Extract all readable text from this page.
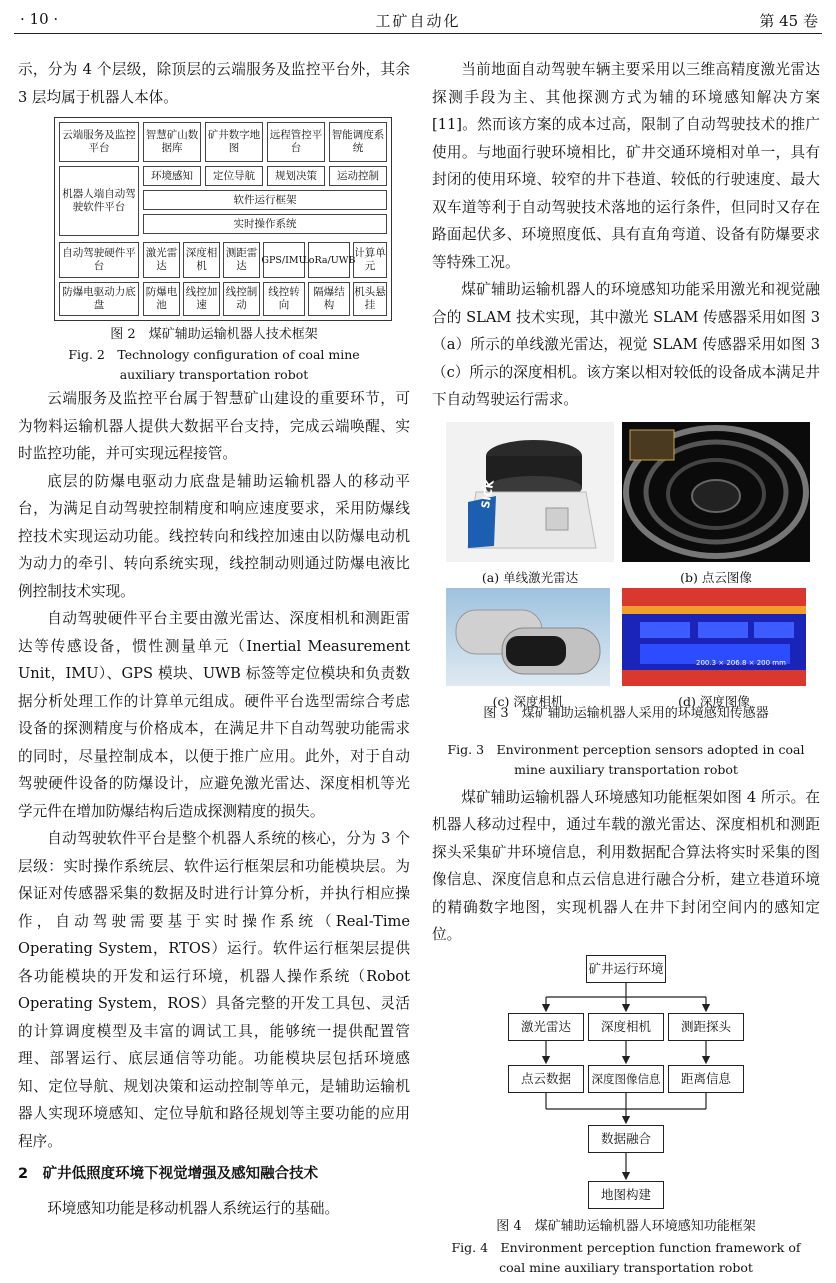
· 10 ·	工矿自动化	第 45 卷

示，分为 4 个层级，除顶层的云端服务及监控平台外，其余 3 层均属于机器人本体。

云端服务及监控平台
智慧矿山数据库
矿井数字地图
远程管控平台
智能调度系统
机器人端自动驾驶软件平台
环境感知	定位导航	规划决策	运动控制
软件运行框架
实时操作系统
自动驾驶硬件平台
激光雷达
深度相机
测距雷达	GPS/IMU
LoRa/UWB
计算单元
防爆电驱动力底盘
防爆电池
线控加速
线控制动
线控转向
隔爆结构
机头悬挂

图 2　煤矿辅助运输机器人技术框架

Fig. 2　Technology configuration of coal mine

auxiliary transportation robot

云端服务及监控平台属于智慧矿山建设的重要环节，可为物料运输机器人提供大数据平台支持，完成云端唤醒、实时监控功能，并可实现远程接管。

底层的防爆电驱动力底盘是辅助运输机器人的移动平台，为满足自动驾驶控制精度和响应速度要求，采用防爆线控技术实现运动功能。线控转向和线控加速由以防爆电动机为动力的牵引、转向系统实现，线控制动则通过防爆电液比例控制技术实现。

自动驾驶硬件平台主要由激光雷达、深度相机和测距雷达等传感设备，惯性测量单元（Inertial Measurement Unit，IMU）、GPS 模块、UWB 标签等定位模块和负责数据分析处理工作的计算单元组成。硬件平台选型需综合考虑设备的探测精度与价格成本，在满足井下自动驾驶功能需求的同时，尽量控制成本，以便于推广应用。此外，对于自动驾驶硬件设备的防爆设计，应避免激光雷达、深度相机等光学元件在增加防爆结构后造成探测精度的损失。

自动驾驶软件平台是整个机器人系统的核心，分为 3 个层级：实时操作系统层、软件运行框架层和功能模块层。为保证对传感器采集的数据及时进行计算分析，并执行相应操作，自动驾驶需要基于实时操作系统（Real-Time Operating System，RTOS）运行。软件运行框架层提供各功能模块的开发和运行环境，机器人操作系统（Robot Operating System，ROS）具备完整的开发工具包、灵活的计算调度模型及丰富的调试工具，能够统一提供配置管理、部署运行、底层通信等功能。功能模块层包括环境感知、定位导航、规划决策和运动控制等单元，是辅助运输机器人实现环境感知、定位导航和路径规划等主要功能的应用程序。

2　矿井低照度环境下视觉增强及感知融合技术

环境感知功能是移动机器人系统运行的基础。

当前地面自动驾驶车辆主要采用以三维高精度激光雷达探测手段为主、其他探测方式为辅的环境感知解决方案[11]。然而该方案的成本过高，限制了自动驾驶技术的推广使用。与地面行驶环境相比，矿井交通环境相对单一，具有封闭的使用环境、较窄的井下巷道、较低的行驶速度、最大双车道等利于自动驾驶技术落地的运行条件，但同时又存在路面起伏多、环境照度低、具有直角弯道、设备有防爆要求等特殊工况。

煤矿辅助运输机器人的环境感知功能采用激光和视觉融合的 SLAM 技术实现，其中激光 SLAM 传感器采用如图 3（a）所示的单线激光雷达，视觉 SLAM 传感器采用如图 3（c）所示的深度相机。该方案以相对较低的设备成本满足井下自动驾驶运行需求。

SICK
(a) 单线激光雷达	(b) 点云图像
200.3 × 206.8 × 200 mm
(c) 深度相机	(d) 深度图像
图 3　煤矿辅助运输机器人采用的环境感知传感器

Fig. 3　Environment perception sensors adopted in coal

mine auxiliary transportation robot

煤矿辅助运输机器人环境感知功能框架如图 4 所示。在机器人移动过程中，通过车载的激光雷达、深度相机和测距探头采集矿井环境信息，利用数据配合算法将实时采集的图像信息、深度信息和点云信息进行融合分析，建立巷道环境的精确数字地图，实现机器人在井下封闭空间内的感知定位。

矿井运行环境
激光雷达	深度相机	测距探头
点云数据	深度图像信息	距离信息
数据融合
地图构建
图 4　煤矿辅助运输机器人环境感知功能框架
Fig. 4　Environment perception function framework of
coal mine auxiliary transportation robot
